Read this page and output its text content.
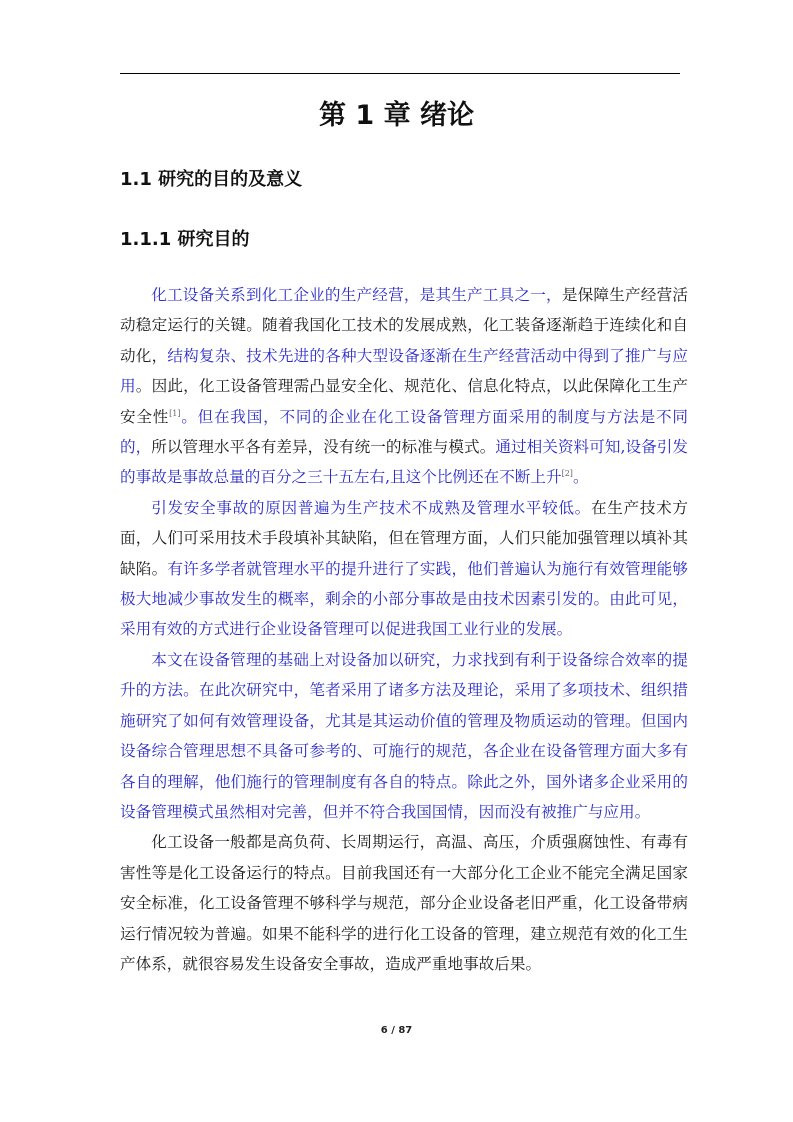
第 1 章 绪论
1.1 研究的目的及意义
1.1.1 研究目的

化工设备关系到化工企业的生产经营，是其生产工具之一，是保障生产经营活动稳定运行的关键。随着我国化工技术的发展成熟，化工装备逐渐趋于连续化和自动化，结构复杂、技术先进的各种大型设备逐渐在生产经营活动中得到了推广与应用。因此，化工设备管理需凸显安全化、规范化、信息化特点，以此保障化工生产安全性[1]。但在我国，不同的企业在化工设备管理方面采用的制度与方法是不同的，所以管理水平各有差异，没有统一的标准与模式。通过相关资料可知,设备引发的事故是事故总量的百分之三十五左右,且这个比例还在不断上升[2]。

引发安全事故的原因普遍为生产技术不成熟及管理水平较低。在生产技术方面，人们可采用技术手段填补其缺陷，但在管理方面，人们只能加强管理以填补其缺陷。有许多学者就管理水平的提升进行了实践，他们普遍认为施行有效管理能够极大地减少事故发生的概率，剩余的小部分事故是由技术因素引发的。由此可见，采用有效的方式进行企业设备管理可以促进我国工业行业的发展。

本文在设备管理的基础上对设备加以研究，力求找到有利于设备综合效率的提升的方法。在此次研究中，笔者采用了诸多方法及理论，采用了多项技术、组织措施研究了如何有效管理设备，尤其是其运动价值的管理及物质运动的管理。但国内设备综合管理思想不具备可参考的、可施行的规范，各企业在设备管理方面大多有各自的理解，他们施行的管理制度有各自的特点。除此之外，国外诸多企业采用的设备管理模式虽然相对完善，但并不符合我国国情，因而没有被推广与应用。

化工设备一般都是高负荷、长周期运行，高温、高压，介质强腐蚀性、有毒有害性等是化工设备运行的特点。目前我国还有一大部分化工企业不能完全满足国家安全标准，化工设备管理不够科学与规范，部分企业设备老旧严重，化工设备带病运行情况较为普遍。如果不能科学的进行化工设备的管理，建立规范有效的化工生产体系，就很容易发生设备安全事故，造成严重地事故后果。

6 / 87
